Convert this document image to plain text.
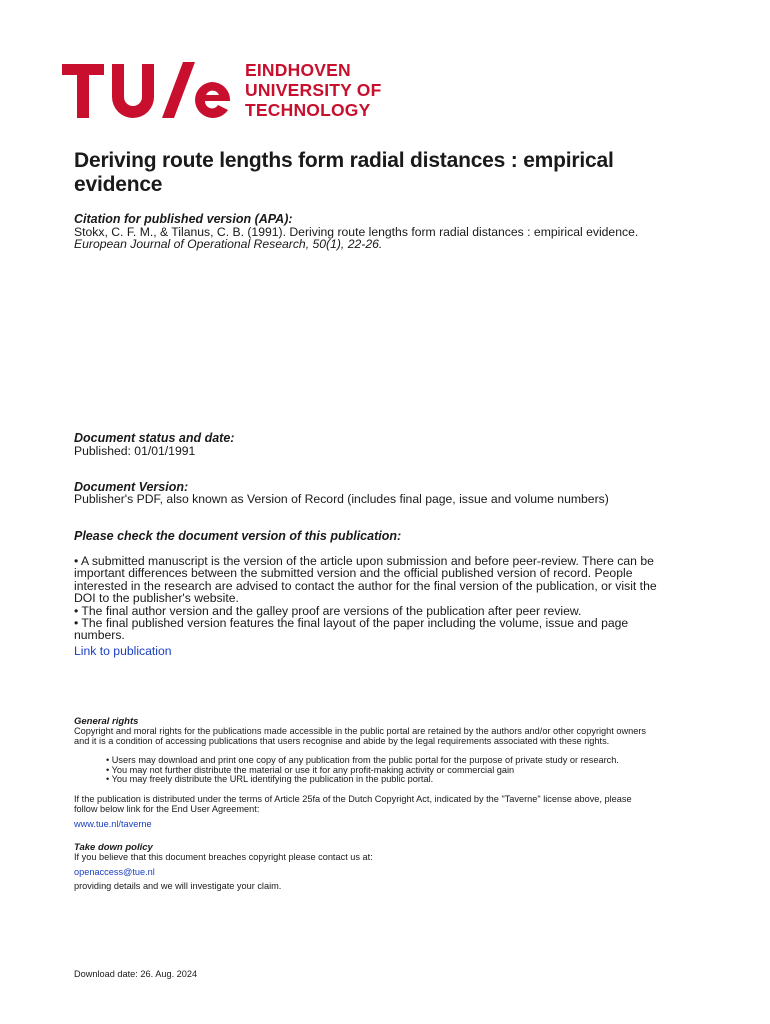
EINDHOVEN
UNIVERSITY OF
TECHNOLOGY
Deriving route lengths form radial distances : empirical
evidence
Citation for published version (APA):
Stokx, C. F. M., & Tilanus, C. B. (1991). Deriving route lengths form radial distances : empirical evidence.
European Journal of Operational Research, 50(1), 22-26.
Document status and date:
Published: 01/01/1991
Document Version:
Publisher's PDF, also known as Version of Record (includes final page, issue and volume numbers)
Please check the document version of this publication:
• A submitted manuscript is the version of the article upon submission and before peer-review. There can be
important differences between the submitted version and the official published version of record. People
interested in the research are advised to contact the author for the final version of the publication, or visit the
DOI to the publisher's website.
• The final author version and the galley proof are versions of the publication after peer review.
• The final published version features the final layout of the paper including the volume, issue and page
numbers.
Link to publication
General rights
Copyright and moral rights for the publications made accessible in the public portal are retained by the authors and/or other copyright owners
and it is a condition of accessing publications that users recognise and abide by the legal requirements associated with these rights.
• Users may download and print one copy of any publication from the public portal for the purpose of private study or research.
• You may not further distribute the material or use it for any profit-making activity or commercial gain
• You may freely distribute the URL identifying the publication in the public portal.
If the publication is distributed under the terms of Article 25fa of the Dutch Copyright Act, indicated by the "Taverne" license above, please
follow below link for the End User Agreement:
www.tue.nl/taverne
Take down policy
If you believe that this document breaches copyright please contact us at:
openaccess@tue.nl
providing details and we will investigate your claim.
Download date: 26. Aug. 2024
